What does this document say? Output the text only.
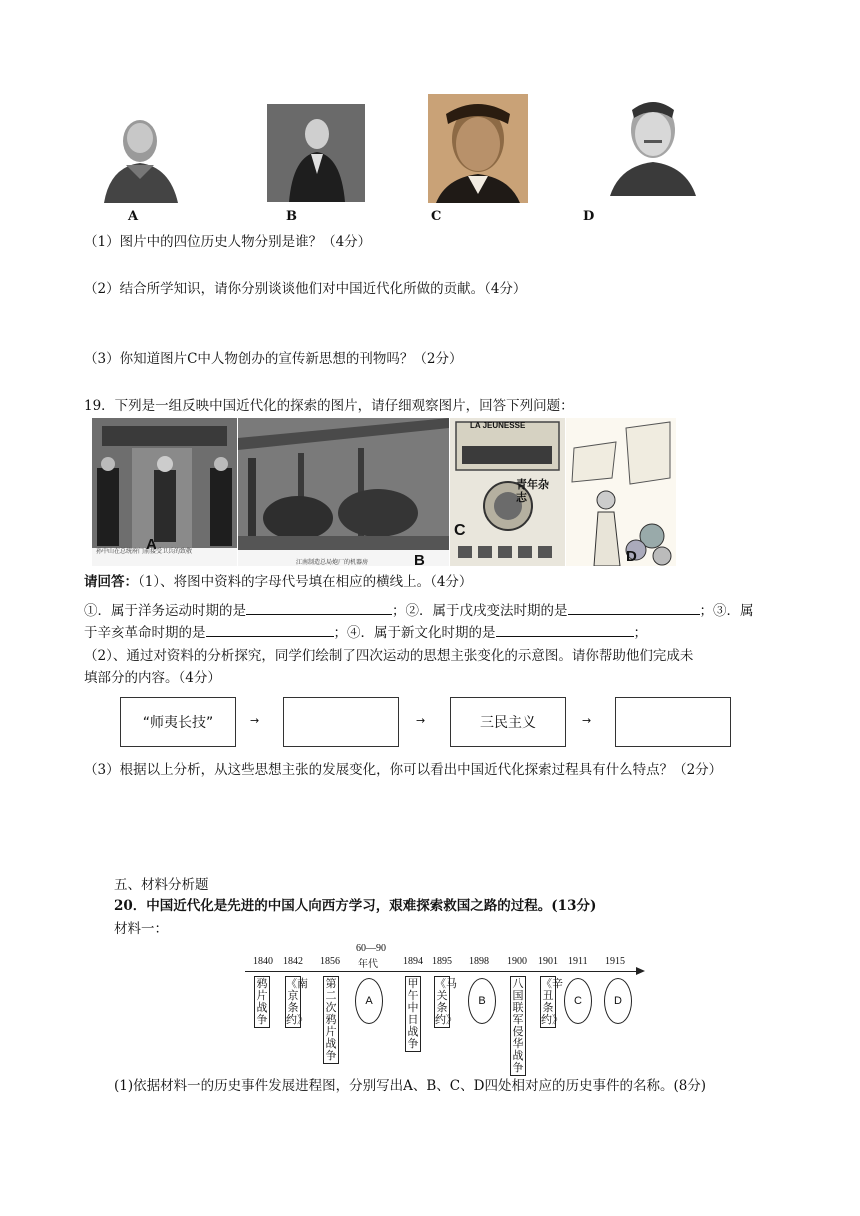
A	B	C	D
（1）图片中的四位历史人物分别是谁？（4分）
（2）结合所学知识，请你分别谈谈他们对中国近代化所做的贡献。（4分）
（3）你知道图片C中人物创办的宣传新思想的刊物吗？（2分）
19．下列是一组反映中国近代化的探索的图片，请仔细观察图片，回答下列问题：
孙中山在总统府门前接受卫兵的致敬
A
江南制造总局炮厂的机器房	B
LA JEUNESSE
青年杂志
C
D
请回答：（1）、将图中资料的字母代号填在相应的横线上。（4分）
①．属于洋务运动时期的是	；②．属于戊戌变法时期的是	；③．属
于辛亥革命时期的是	；④．属于新文化时期的是	；
（2）、通过对资料的分析探究，同学们绘制了四次运动的思想主张变化的示意图。请你帮助他们完成未
填部分的内容。（4分）
“师夷长技”	→	→	三民主义	→
（3）根据以上分析，从这些思想主张的发展变化，你可以看出中国近代化探索过程具有什么特点？（2分）
五、材料分析题
20．中国近代化是先进的中国人向西方学习，艰难探索救国之路的过程。(13分)
材料一：
1840 1842 1856
60—90
年代	1894 1895 1898 1900 1901 1911 1915
鸦片战争
《南京条约》
第二次鸦片战争
A
甲午中日战争
《马关条约》
B
八国联军侵华战争
《辛丑条约》
C	D
(1)依据材料一的历史事件发展进程图，分别写出A、B、C、D四处相对应的历史事件的名称。(8分)
